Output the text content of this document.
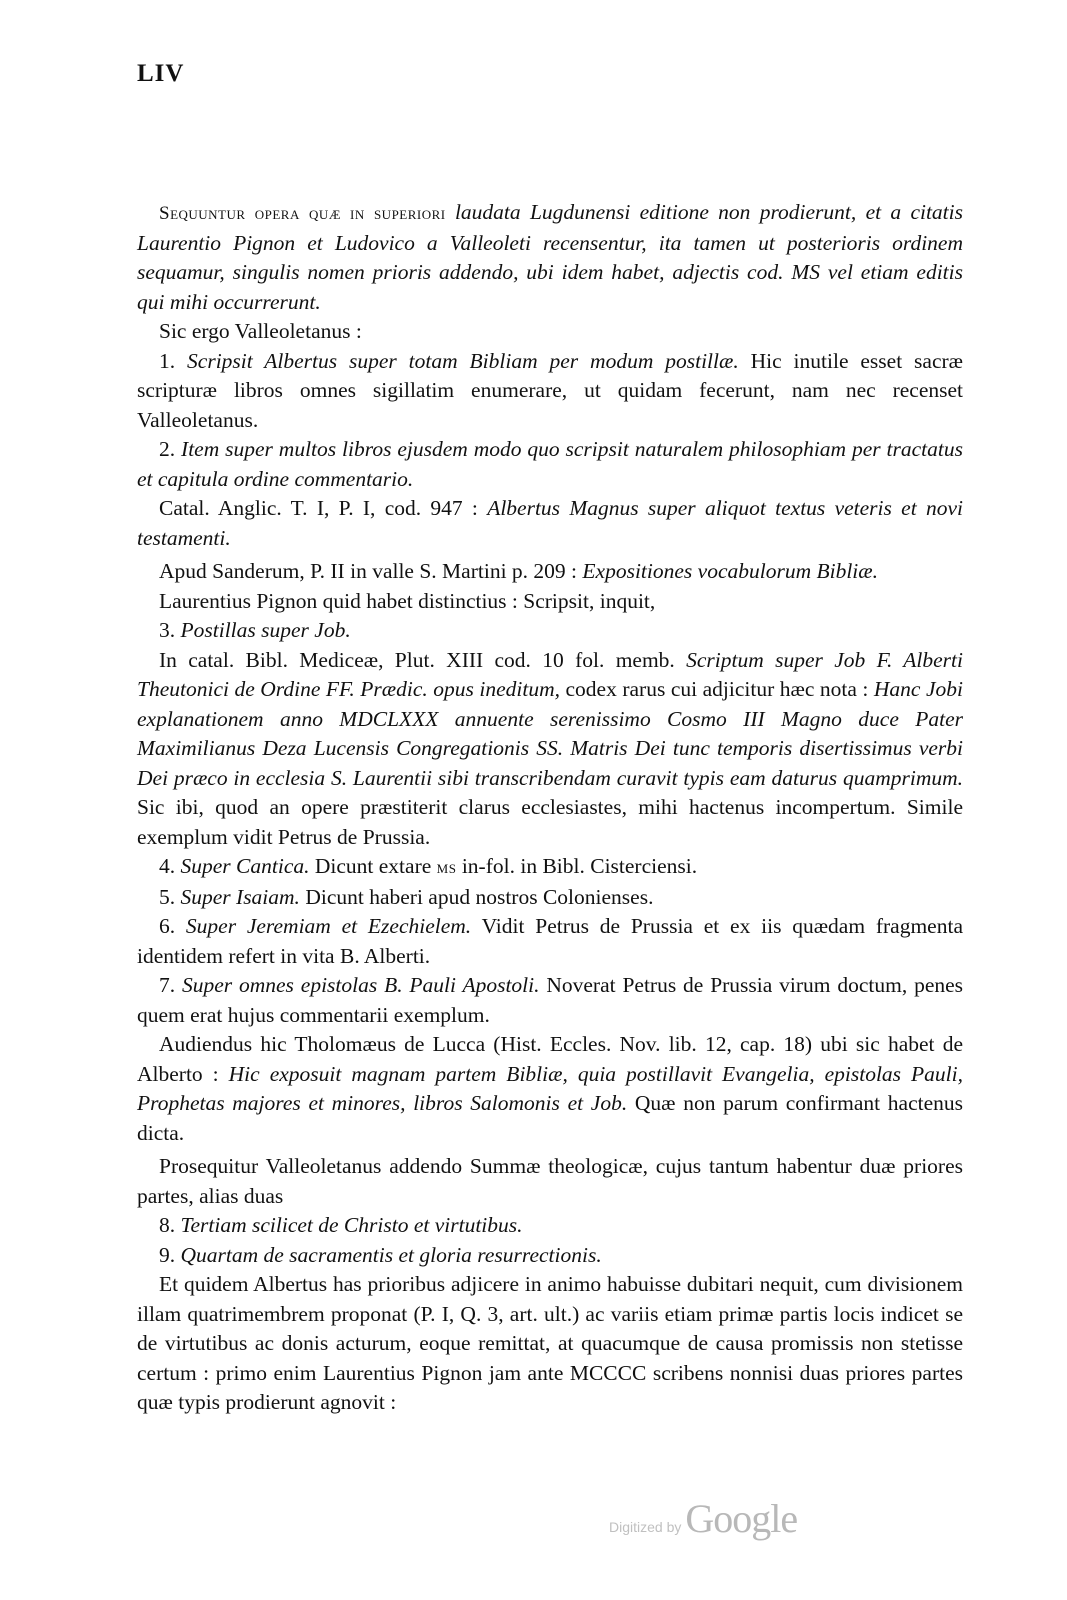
LIV

Sequuntur opera quæ in superiori laudata Lugdunensi editione non prodierunt, et a citatis Laurentio Pignon et Ludovico a Valleoleti recensentur, ita tamen ut posterioris ordinem sequamur, singulis nomen prioris addendo, ubi idem habet, adjectis cod. MS vel etiam editis qui mihi occurrerunt.

Sic ergo Valleoletanus :

1. Scripsit Albertus super totam Bibliam per modum postillæ. Hic inutile esset sacræ scripturæ libros omnes sigillatim enumerare, ut quidam fecerunt, nam nec recenset Valleoletanus.

2. Item super multos libros ejusdem modo quo scripsit naturalem philosophiam per tractatus et capitula ordine commentario.

Catal. Anglic. T. I, P. I, cod. 947 : Albertus Magnus super aliquot textus veteris et novi testamenti.

Apud Sanderum, P. II in valle S. Martini p. 209 : Expositiones vocabulorum Bibliæ.

Laurentius Pignon quid habet distinctius : Scripsit, inquit,

3. Postillas super Job.

In catal. Bibl. Mediceæ, Plut. XIII cod. 10 fol. memb. Scriptum super Job F. Alberti Theutonici de Ordine FF. Prædic. opus ineditum, codex rarus cui adjicitur hæc nota : Hanc Jobi explanationem anno MDCLXXX annuente serenissimo Cosmo III Magno duce Pater Maximilianus Deza Lucensis Congregationis SS. Matris Dei tunc temporis disertissimus verbi Dei præco in ecclesia S. Laurentii sibi transcribendam curavit typis eam daturus quamprimum. Sic ibi, quod an opere præstiterit clarus ecclesiastes, mihi hactenus incompertum. Simile exemplum vidit Petrus de Prussia.

4. Super Cantica. Dicunt extare ms in-fol. in Bibl. Cisterciensi.

5. Super Isaiam. Dicunt haberi apud nostros Colonienses.

6. Super Jeremiam et Ezechielem. Vidit Petrus de Prussia et ex iis quædam fragmenta identidem refert in vita B. Alberti.

7. Super omnes epistolas B. Pauli Apostoli. Noverat Petrus de Prussia virum doctum, penes quem erat hujus commentarii exemplum.

Audiendus hic Tholomæus de Lucca (Hist. Eccles. Nov. lib. 12, cap. 18) ubi sic habet de Alberto : Hic exposuit magnam partem Bibliæ, quia postillavit Evangelia, epistolas Pauli, Prophetas majores et minores, libros Salomonis et Job. Quæ non parum confirmant hactenus dicta.

Prosequitur Valleoletanus addendo Summæ theologicæ, cujus tantum habentur duæ priores partes, alias duas

8. Tertiam scilicet de Christo et virtutibus.

9. Quartam de sacramentis et gloria resurrectionis.

Et quidem Albertus has prioribus adjicere in animo habuisse dubitari nequit, cum divisionem illam quatrimembrem proponat (P. I, Q. 3, art. ult.) ac variis etiam primæ partis locis indicet se de virtutibus ac donis acturum, eoque remittat, at quacumque de causa promissis non stetisse certum : primo enim Laurentius Pignon jam ante MCCCC scribens nonnisi duas priores partes quæ typis prodierunt agnovit :

Digitized by Google
